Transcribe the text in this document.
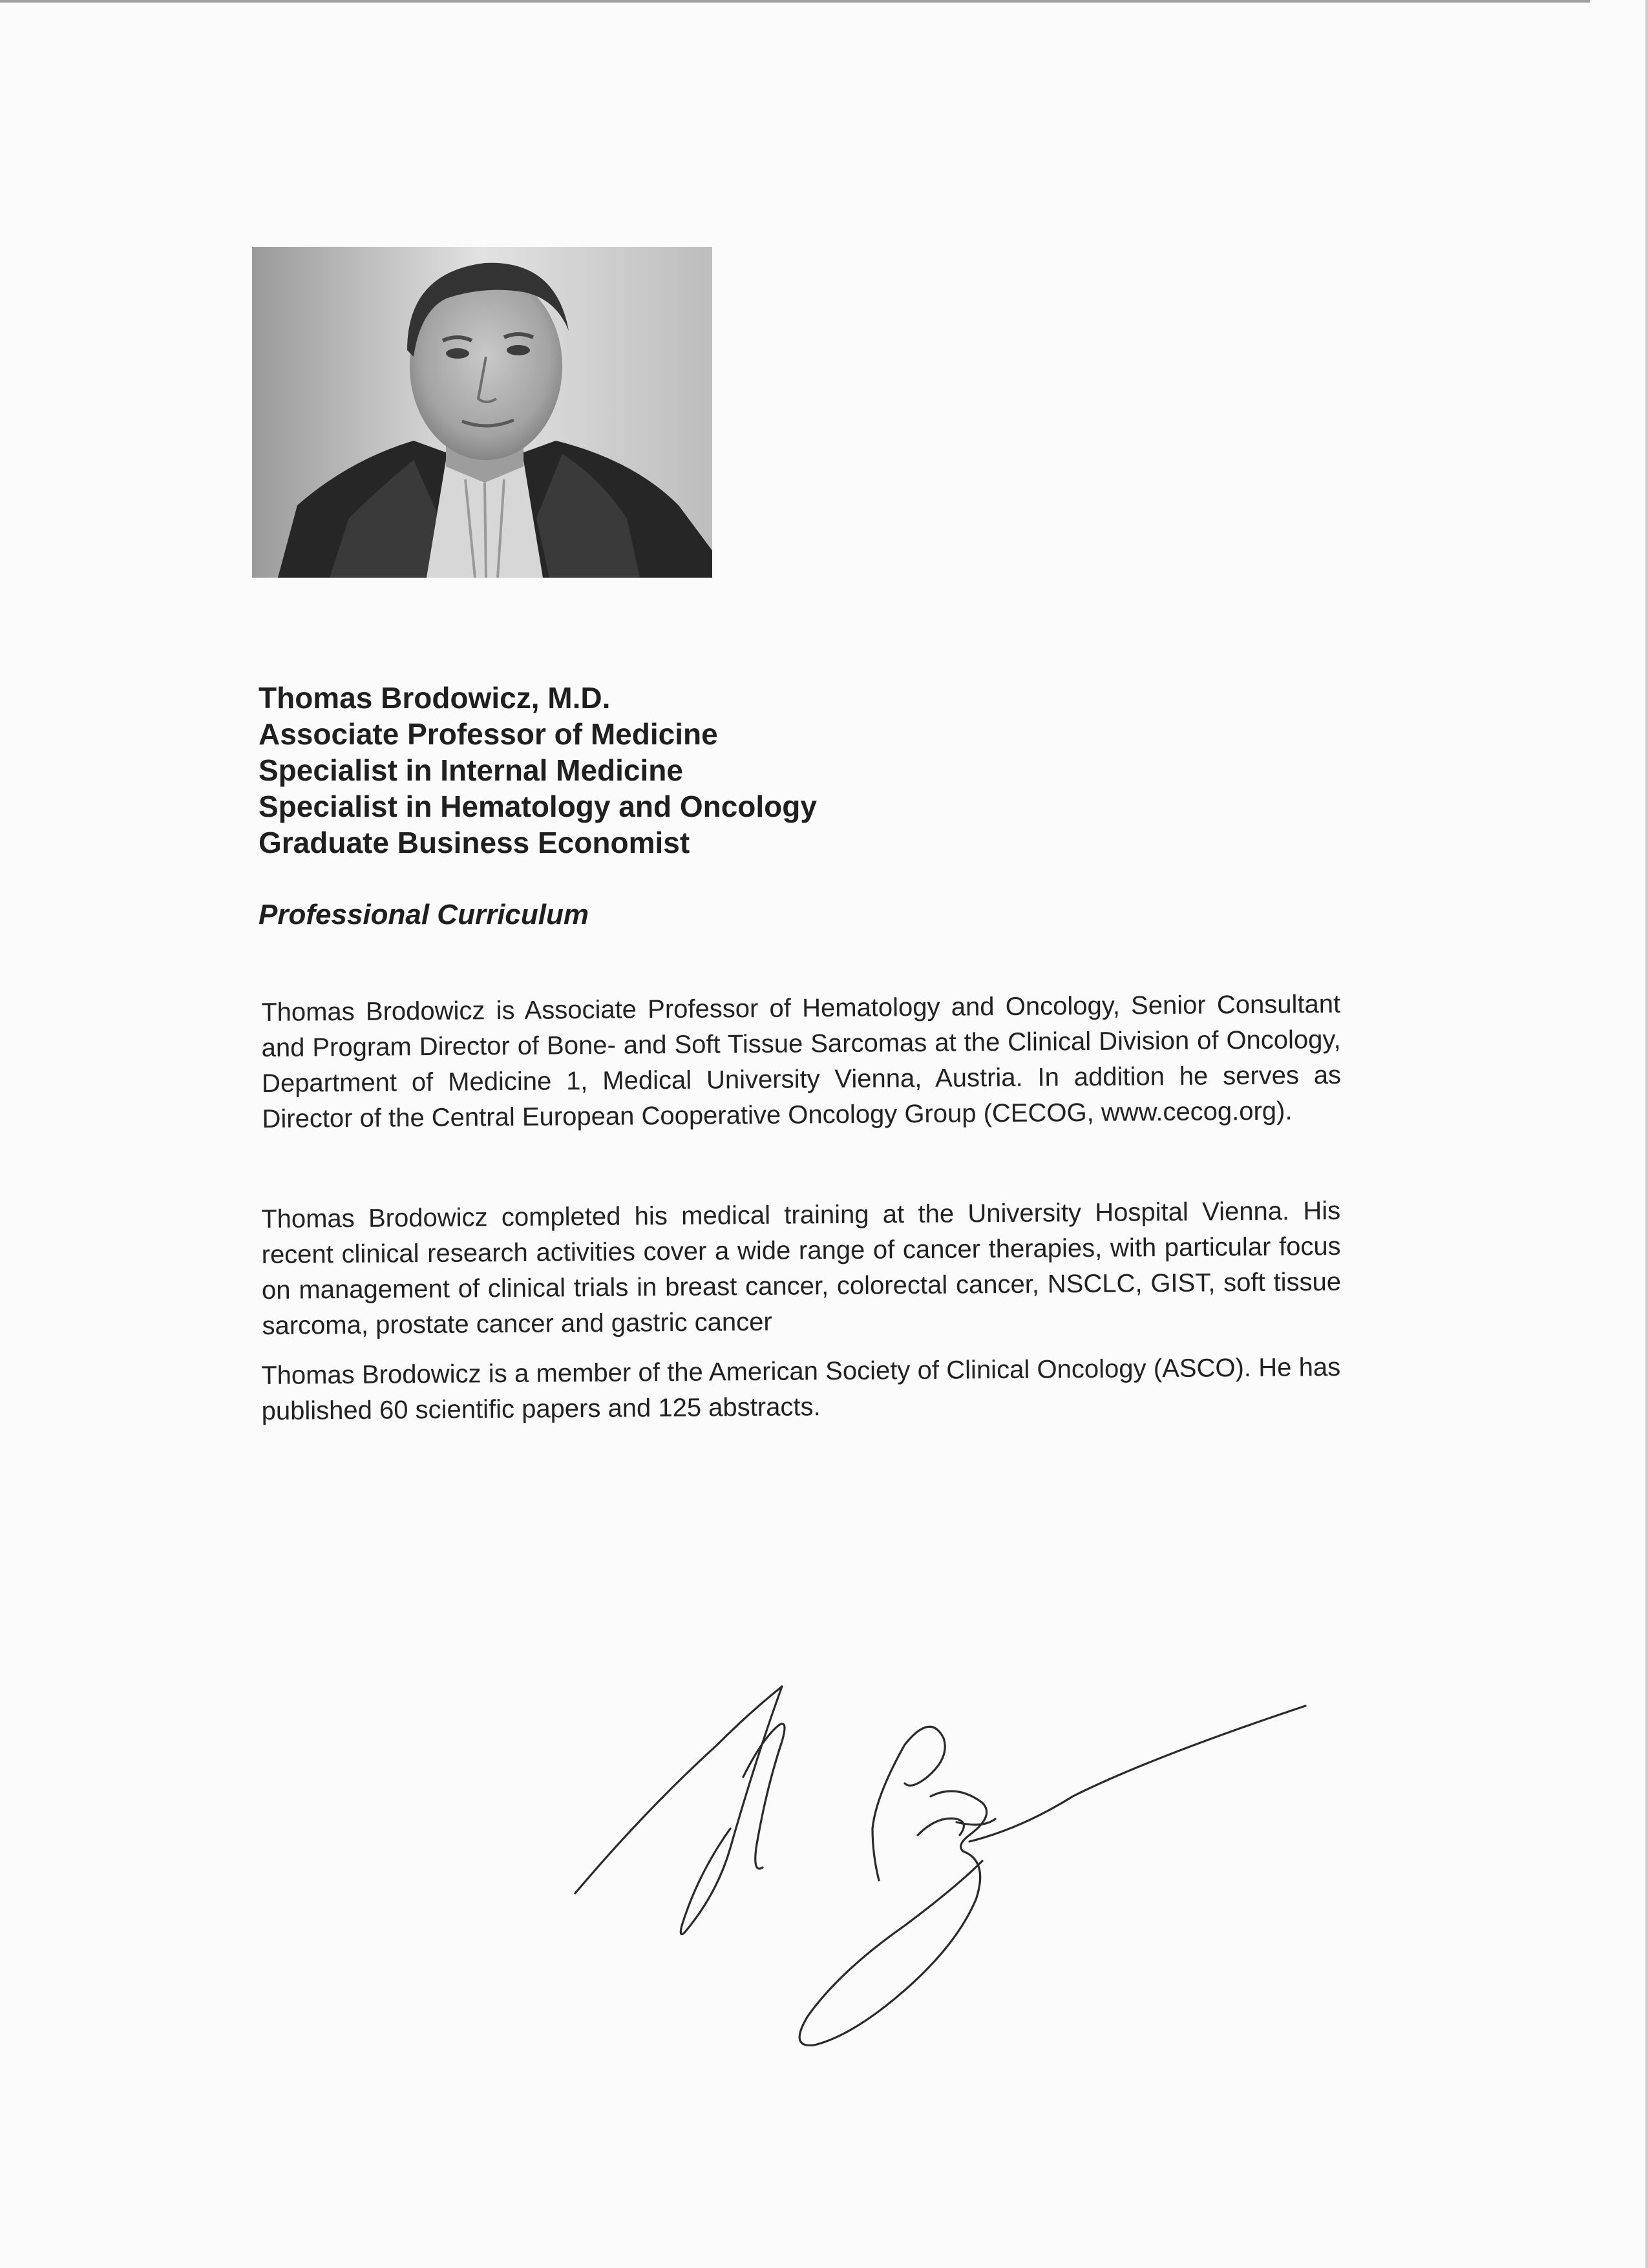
Thomas Brodowicz, M.D.
Associate Professor of Medicine
Specialist in Internal Medicine
Specialist in Hematology and Oncology
Graduate Business Economist
Professional Curriculum
Thomas Brodowicz is Associate Professor of Hematology and Oncology, Senior Consultant and Program Director of Bone- and Soft Tissue Sarcomas at the Clinical Division of Oncology, Department of Medicine 1, Medical University Vienna, Austria. In addition he serves as Director of the Central European Cooperative Oncology Group (CECOG, www.cecog.org).
Thomas Brodowicz completed his medical training at the University Hospital Vienna. His recent clinical research activities cover a wide range of cancer therapies, with particular focus on management of clinical trials in breast cancer, colorectal cancer, NSCLC, GIST, soft tissue sarcoma, prostate cancer and gastric cancer
Thomas Brodowicz is a member of the American Society of Clinical Oncology (ASCO). He has published 60 scientific papers and 125 abstracts.
